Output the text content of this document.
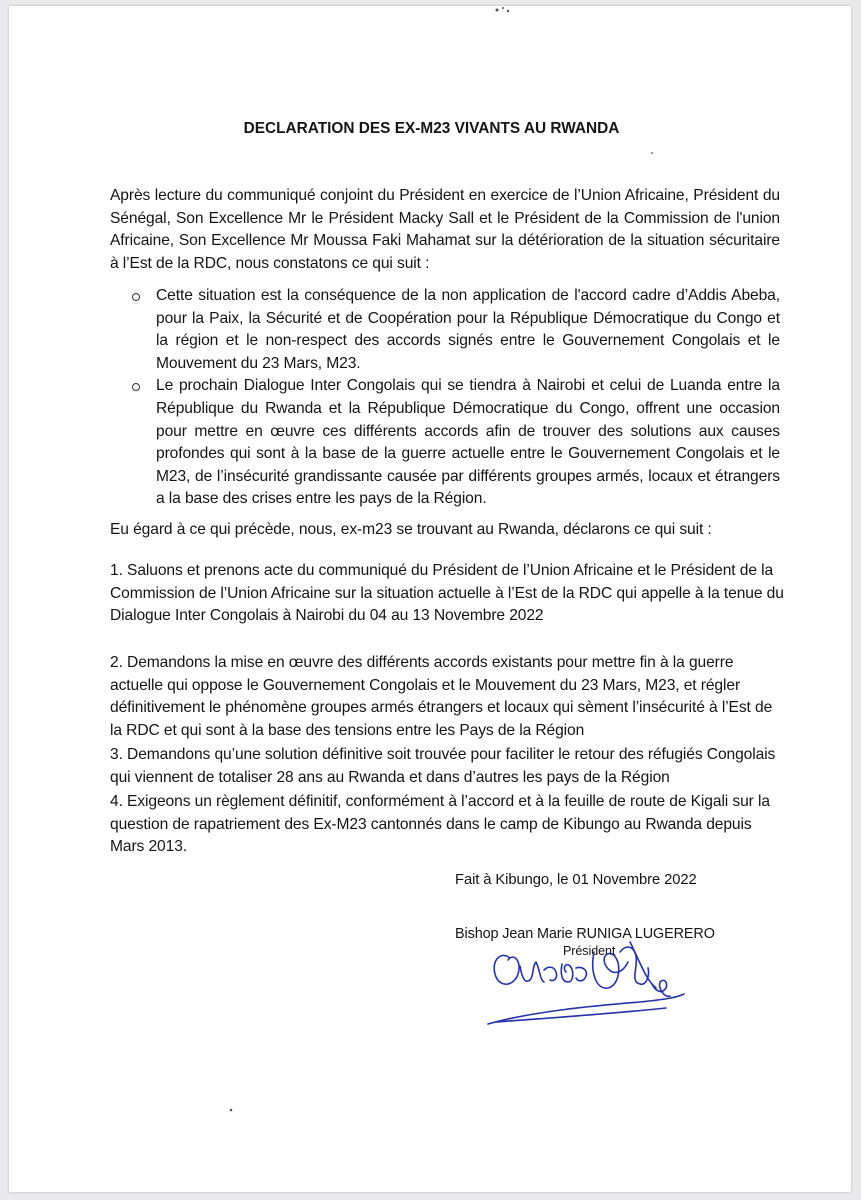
DECLARATION DES EX-M23 VIVANTS AU RWANDA
Après lecture du communiqué conjoint du Président en exercice de l’Union Africaine, Président du Sénégal, Son Excellence Mr le Président Macky Sall et le Président de la Commission de l'union Africaine, Son Excellence Mr Moussa Faki Mahamat sur la détérioration de la situation sécuritaire à l’Est de la RDC, nous constatons ce qui suit :
Cette situation est la conséquence de la non application de l'accord cadre d’Addis Abeba, pour la Paix, la Sécurité et de Coopération pour la République Démocratique du Congo et la région et le non-respect des accords signés entre le Gouvernement Congolais et le Mouvement du 23 Mars, M23.
Le prochain Dialogue Inter Congolais qui se tiendra à Nairobi et celui de Luanda entre la République du Rwanda et la République Démocratique du Congo, offrent une occasion pour mettre en œuvre ces différents accords afin de trouver des solutions aux causes profondes qui sont à la base de la guerre actuelle entre le Gouvernement Congolais et le M23, de l’insécurité grandissante causée par différents groupes armés, locaux et étrangers a la base des crises entre les pays de la Région.
Eu égard à ce qui précède, nous, ex-m23 se trouvant au Rwanda, déclarons ce qui suit :
1. Saluons et prenons acte du communiqué du Président de l’Union Africaine et le Président de la Commission de l’Union Africaine sur la situation actuelle à l’Est de la RDC qui appelle à la tenue du Dialogue Inter Congolais à Nairobi du 04 au 13 Novembre 2022
2. Demandons la mise en œuvre des différents accords existants pour mettre fin à la guerre actuelle qui oppose le Gouvernement Congolais et le Mouvement du 23 Mars, M23, et régler définitivement le phénomène groupes armés étrangers et locaux qui sèment l’insécurité à l’Est de la RDC et qui sont à la base des tensions entre les Pays de la Région
3. Demandons qu’une solution définitive soit trouvée pour faciliter le retour des réfugiés Congolais qui viennent de totaliser 28 ans au Rwanda et dans d’autres les pays de la Région
4. Exigeons un règlement définitif, conformément à l’accord et à la feuille de route de Kigali sur la question de rapatriement des Ex-M23 cantonnés dans le camp de Kibungo au Rwanda depuis Mars 2013.
Fait à Kibungo, le 01 Novembre 2022
Bishop Jean Marie RUNIGA LUGERERO
Président
